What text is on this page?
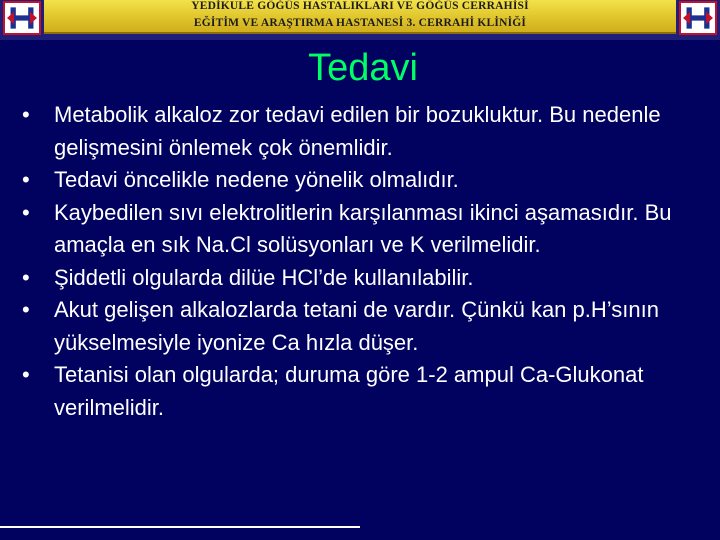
YEDİKULE GÖĞÜS HASTALIKLARI VE GÖĞÜS CERRAHİSİ
EĞİTİM VE ARAŞTIRMA HASTANESİ 3. CERRAHİ KLİNİĞİ
Tedavi
•	Metabolik alkaloz zor tedavi edilen bir bozukluktur. Bu nedenle gelişmesini önlemek çok önemlidir.
•	Tedavi öncelikle nedene yönelik olmalıdır.
•	Kaybedilen sıvı elektrolitlerin karşılanması ikinci aşamasıdır. Bu amaçla en sık Na.Cl solüsyonları ve K verilmelidir.
•	Şiddetli olgularda dilüe HCl’de kullanılabilir.
•	Akut gelişen alkalozlarda tetani de vardır. Çünkü kan p.H’sının yükselmesiyle iyonize Ca hızla düşer.
•	Tetanisi olan olgularda; duruma göre 1-2 ampul Ca-Glukonat verilmelidir.
